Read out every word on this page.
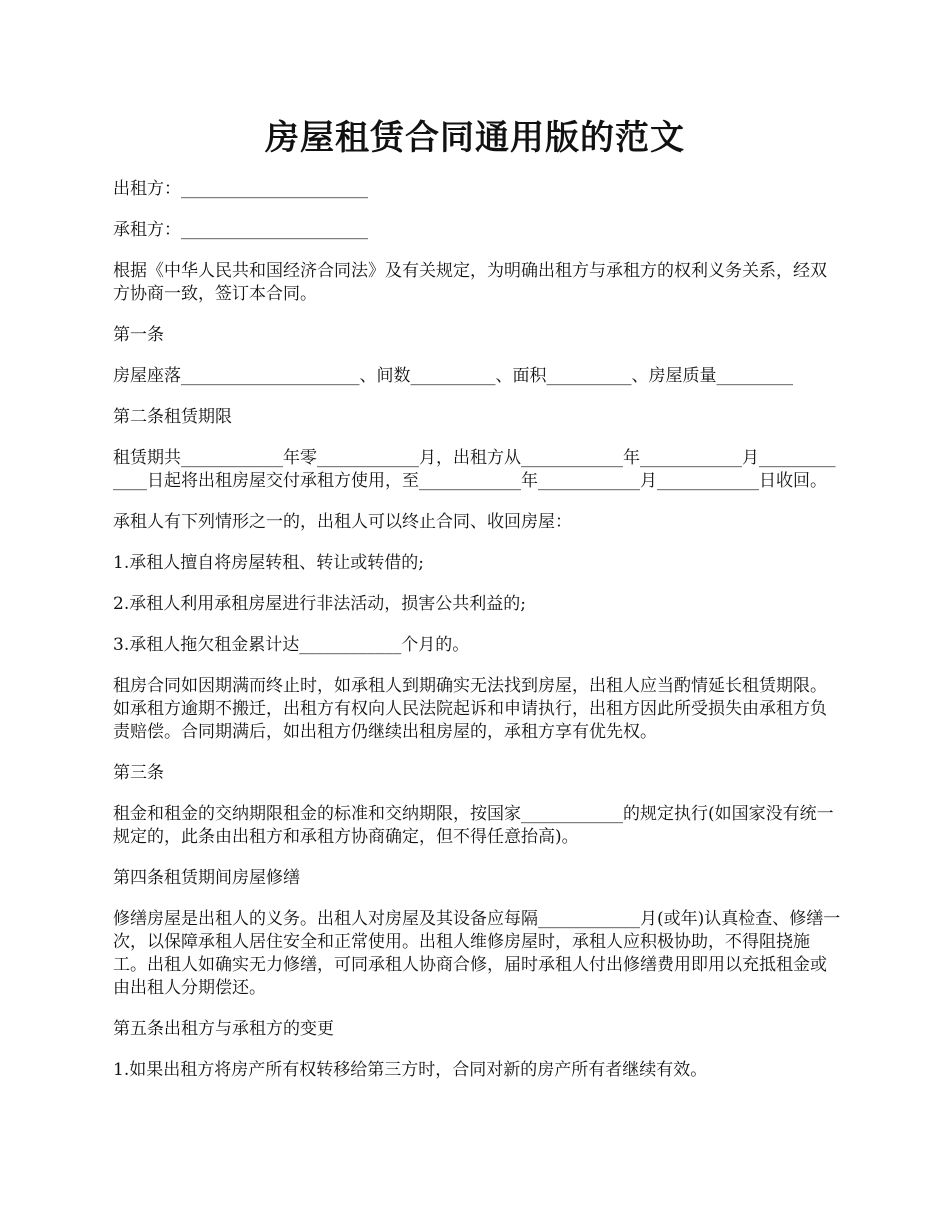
房屋租赁合同通用版的范文

出租方：______________________

承租方：______________________

根据《中华人民共和国经济合同法》及有关规定，为明确出租方与承租方的权利义务关系，经双方协商一致，签订本合同。

第一条

房屋座落_____________________、间数__________、面积__________、房屋质量_________

第二条租赁期限

租赁期共____________年零____________月，出租方从____________年____________月_____________日起将出租房屋交付承租方使用，至____________年____________月____________日收回。

承租人有下列情形之一的，出租人可以终止合同、收回房屋：

1.承租人擅自将房屋转租、转让或转借的;

2.承租人利用承租房屋进行非法活动，损害公共利益的;

3.承租人拖欠租金累计达____________个月的。

租房合同如因期满而终止时，如承租人到期确实无法找到房屋，出租人应当酌情延长租赁期限。如承租方逾期不搬迁，出租方有权向人民法院起诉和申请执行，出租方因此所受损失由承租方负责赔偿。合同期满后，如出租方仍继续出租房屋的，承租方享有优先权。

第三条

租金和租金的交纳期限租金的标准和交纳期限，按国家____________的规定执行(如国家没有统一规定的，此条由出租方和承租方协商确定，但不得任意抬高)。

第四条租赁期间房屋修缮

修缮房屋是出租人的义务。出租人对房屋及其设备应每隔____________月(或年)认真检查、修缮一次，以保障承租人居住安全和正常使用。出租人维修房屋时，承租人应积极协助，不得阻挠施工。出租人如确实无力修缮，可同承租人协商合修，届时承租人付出修缮费用即用以充抵租金或由出租人分期偿还。

第五条出租方与承租方的变更

1.如果出租方将房产所有权转移给第三方时，合同对新的房产所有者继续有效。
